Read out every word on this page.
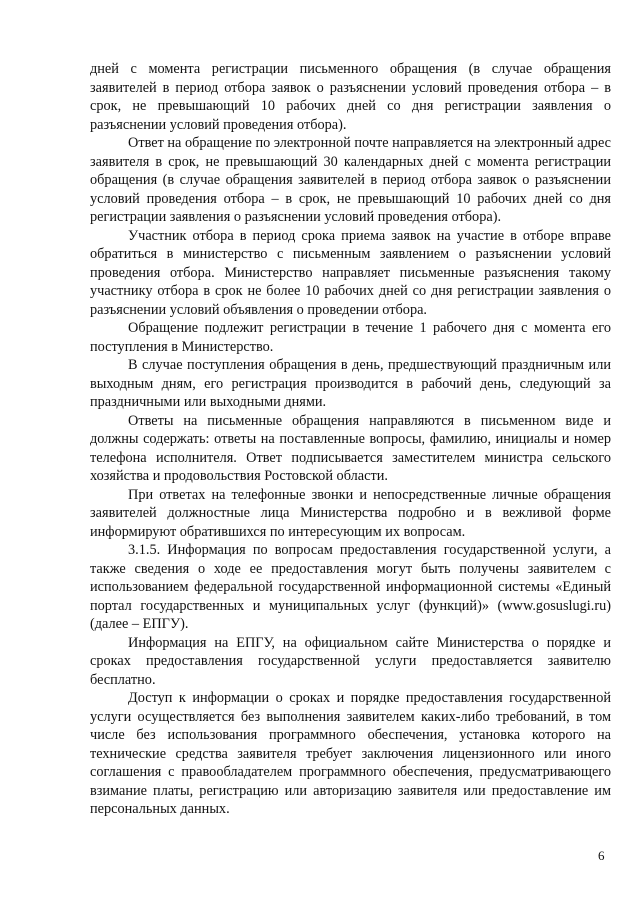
дней с момента регистрации письменного обращения (в случае обращения заявителей в период отбора заявок о разъяснении условий проведения отбора – в срок, не превышающий 10 рабочих дней со дня регистрации заявления о разъяснении условий проведения отбора).

Ответ на обращение по электронной почте направляется на электронный адрес заявителя в срок, не превышающий 30 календарных дней с момента регистрации обращения (в случае обращения заявителей в период отбора заявок о разъяснении условий проведения отбора – в срок, не превышающий 10 рабочих дней со дня регистрации заявления о разъяснении условий проведения отбора).

Участник отбора в период срока приема заявок на участие в отборе вправе обратиться в министерство с письменным заявлением о разъяснении условий проведения отбора. Министерство направляет письменные разъяснения такому участнику отбора в срок не более 10 рабочих дней со дня регистрации заявления о разъяснении условий объявления о проведении отбора.

Обращение подлежит регистрации в течение 1 рабочего дня с момента его поступления в Министерство.

В случае поступления обращения в день, предшествующий праздничным или выходным дням, его регистрация производится в рабочий день, следующий за праздничными или выходными днями.

Ответы на письменные обращения направляются в письменном виде и должны содержать: ответы на поставленные вопросы, фамилию, инициалы и номер телефона исполнителя. Ответ подписывается заместителем министра сельского хозяйства и продовольствия Ростовской области.

При ответах на телефонные звонки и непосредственные личные обращения заявителей должностные лица Министерства подробно и в вежливой форме информируют обратившихся по интересующим их вопросам.

3.1.5. Информация по вопросам предоставления государственной услуги, а также сведения о ходе ее предоставления могут быть получены заявителем с использованием федеральной государственной информационной системы «Единый портал государственных и муниципальных услуг (функций)» (www.gosuslugi.ru) (далее – ЕПГУ).

Информация на ЕПГУ, на официальном сайте Министерства о порядке и сроках предоставления государственной услуги предоставляется заявителю бесплатно.

Доступ к информации о сроках и порядке предоставления государственной услуги осуществляется без выполнения заявителем каких-либо требований, в том числе без использования программного обеспечения, установка которого на технические средства заявителя требует заключения лицензионного или иного соглашения с правообладателем программного обеспечения, предусматривающего взимание платы, регистрацию или авторизацию заявителя или предоставление им персональных данных.

6
